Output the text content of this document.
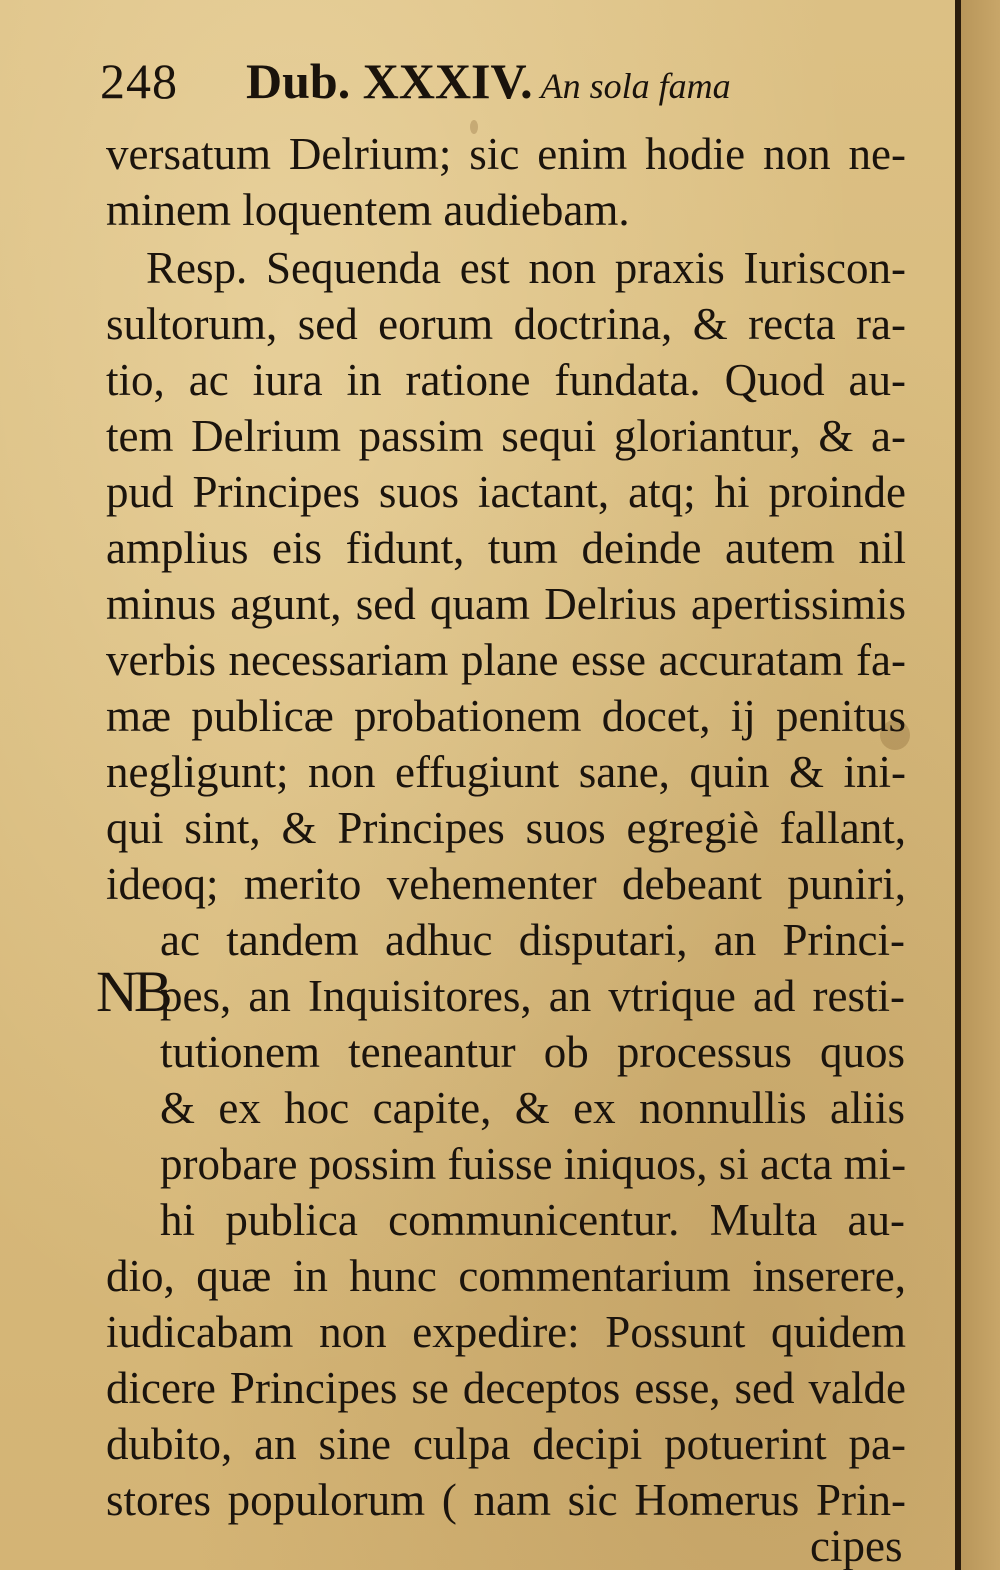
248 Dub. XXXIV. An sola fama
versatum Delrium; sic enim hodie non ne-
minem loquentem audiebam.
Resp. Sequenda est non praxis Iuriscon-
sultorum, sed eorum doctrina, & recta ra-
tio, ac iura in ratione fundata. Quod au-
tem Delrium passim sequi gloriantur, & a-
pud Principes suos iactant, atq; hi proinde
amplius eis fidunt, tum deinde autem nil
minus agunt, sed quam Delrius apertissimis
verbis necessariam plane esse accuratam fa-
mæ publicæ probationem docet, ij penitus
negligunt; non effugiunt sane, quin & ini-
qui sint, & Principes suos egregiè fallant,
ideoq; merito vehementer debeant puniri,
ac tandem adhuc disputari, an Princi-
pes, an Inquisitores, an vtrique ad resti-
NB
tutionem teneantur ob processus quos
& ex hoc capite, & ex nonnullis aliis
probare possim fuisse iniquos, si acta mi-
hi publica communicentur. Multa au-
dio, quæ in hunc commentarium inserere,
iudicabam non expedire: Possunt quidem
dicere Principes se deceptos esse, sed valde
dubito, an sine culpa decipi potuerint pa-
stores populorum ( nam sic Homerus Prin-
cipes
